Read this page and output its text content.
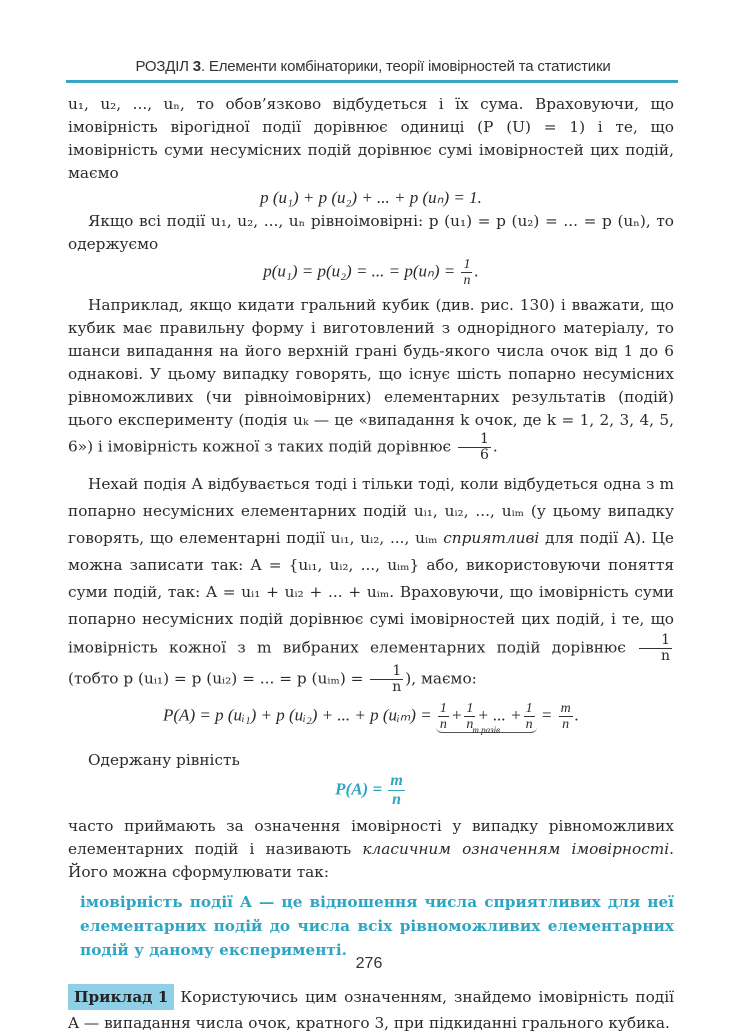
РОЗДІЛ 3. Елементи комбінаторики, теорії імовірностей та статистики

u₁, u₂, ..., uₙ, то обов’язково відбудеться і їх сума. Враховуючи, що імовірність вірогідної події дорівнює одиниці (P (U) = 1) і те, що імовірність суми несумісних подій дорівнює сумі імовірностей цих подій, маємо

p (u₁) + p (u₂) + ... + p (uₙ) = 1.

Якщо всі події u₁, u₂, ..., uₙ рівноімовірні: p (u₁) = p (u₂) = ... = p (uₙ), то одержуємо

p(u₁) = p(u₂) = ... = $p(u_n) = \frac{1}{n}$ .

Наприклад, якщо кидати гральний кубик (див. рис. 130) і вважати, що кубик має правильну форму і виготовлений з однорідного матеріалу, то шанси випадання на його верхній грані будь-якого числа очок від 1 до 6 однакові. У цьому випадку говорять, що існує шість попарно несумісних рівноможливих (чи рівноімовірних) елементарних результатів (подій) цього експерименту (подія uₖ — це «випадання k очок, де k = 1, 2, 3, 4, 5, 6») і імовірність кожної з таких подій дорівнює $\frac{1}{6}$ .

Нехай подія A відбувається тоді і тільки тоді, коли відбудеться одна з m попарно несумісних елементарних подій uᵢ₁, uᵢ₂, ..., uᵢₘ (у цьому випадку говорять, що елементарні події uᵢ₁, uᵢ₂, ..., uᵢₘ сприятливі для події A). Це можна записати так: A = {uᵢ₁, uᵢ₂, ..., uᵢₘ} або, використовуючи поняття суми подій, так: A = uᵢ₁ + uᵢ₂ + ... + uᵢₘ. Враховуючи, що імовірність суми попарно несумісних подій дорівнює сумі імовірностей цих подій, і те, що імовірність кожної з m вибраних елементарних подій дорівнює $\frac{1}{n}$
(тобто p (uᵢ₁) = p (uᵢ₂) = ... = p (uᵢₘ) = $\frac{1}{n}$ ), маємо:

P(A) = p (uᵢ₁) + p (uᵢ₂) + ... + p (uᵢₘ) = $\frac{1}{n} + \frac{1}{n}$ + ... + $\frac{1}{n}$
m разів
= $\frac{m}{n}$ .

Одержану рівність

$P(A) = \frac{m}{n}$

часто приймають за означення імовірності у випадку рівноможливих елементарних подій і називають класичним означенням імовірності. Його можна сформулювати так:

імовірність події A — це відношення числа сприятливих для неї елементарних подій до числа всіх рівноможливих елементарних подій у даному експерименті.

Приклад 1 Користуючись цим означенням, знайдемо імовірність події A — випадання числа очок, кратного 3, при підкиданні грального кубика.

276
